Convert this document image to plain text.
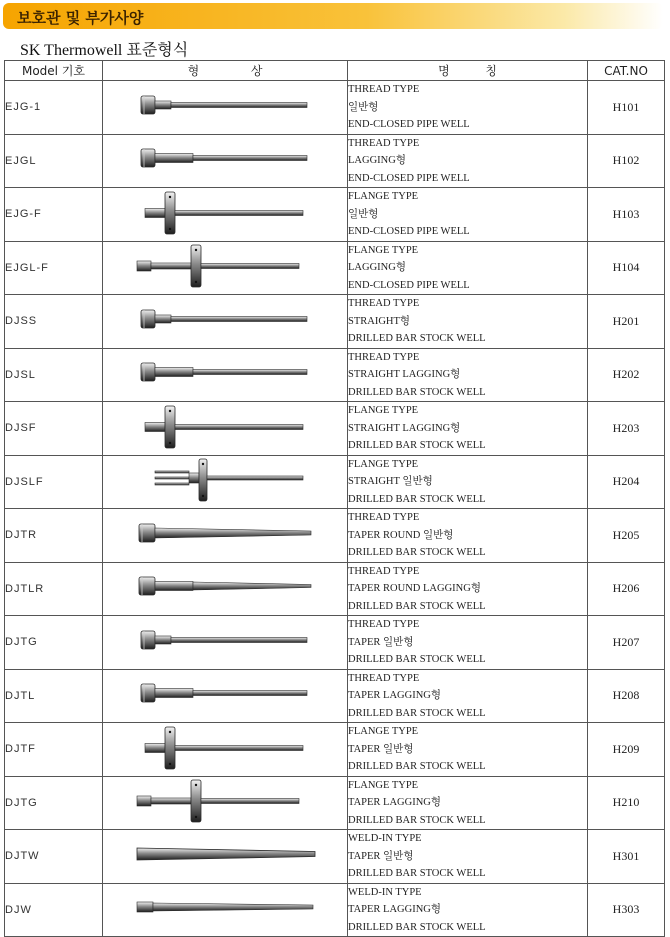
보호관 및 부가사양
SK Thermowell 표준형식
Model 기호	형 상	명 칭	CAT.NO
EJG-1		THREAD TYPE
일반형
END-CLOSED PIPE WELL	H101
EJGL		THREAD TYPE
LAGGING형
END-CLOSED PIPE WELL	H102
EJG-F		FLANGE TYPE
일반형
END-CLOSED PIPE WELL	H103
EJGL-F		FLANGE TYPE
LAGGING형
END-CLOSED PIPE WELL	H104
DJSS		THREAD TYPE
STRAIGHT형
DRILLED BAR STOCK WELL	H201
DJSL		THREAD TYPE
STRAIGHT LAGGING형
DRILLED BAR STOCK WELL	H202
DJSF		FLANGE TYPE
STRAIGHT LAGGING형
DRILLED BAR STOCK WELL	H203
DJSLF		FLANGE TYPE
STRAIGHT 일반형
DRILLED BAR STOCK WELL	H204
DJTR		THREAD TYPE
TAPER ROUND 일반형
DRILLED BAR STOCK WELL	H205
DJTLR		THREAD TYPE
TAPER ROUND LAGGING형
DRILLED BAR STOCK WELL	H206
DJTG		THREAD TYPE
TAPER 일반형
DRILLED BAR STOCK WELL	H207
DJTL		THREAD TYPE
TAPER LAGGING형
DRILLED BAR STOCK WELL	H208
DJTF		FLANGE TYPE
TAPER 일반형
DRILLED BAR STOCK WELL	H209
DJTG		FLANGE TYPE
TAPER LAGGING형
DRILLED BAR STOCK WELL	H210
DJTW		WELD-IN TYPE
TAPER 일반형
DRILLED BAR STOCK WELL	H301
DJW		WELD-IN TYPE
TAPER LAGGING형
DRILLED BAR STOCK WELL	H303
